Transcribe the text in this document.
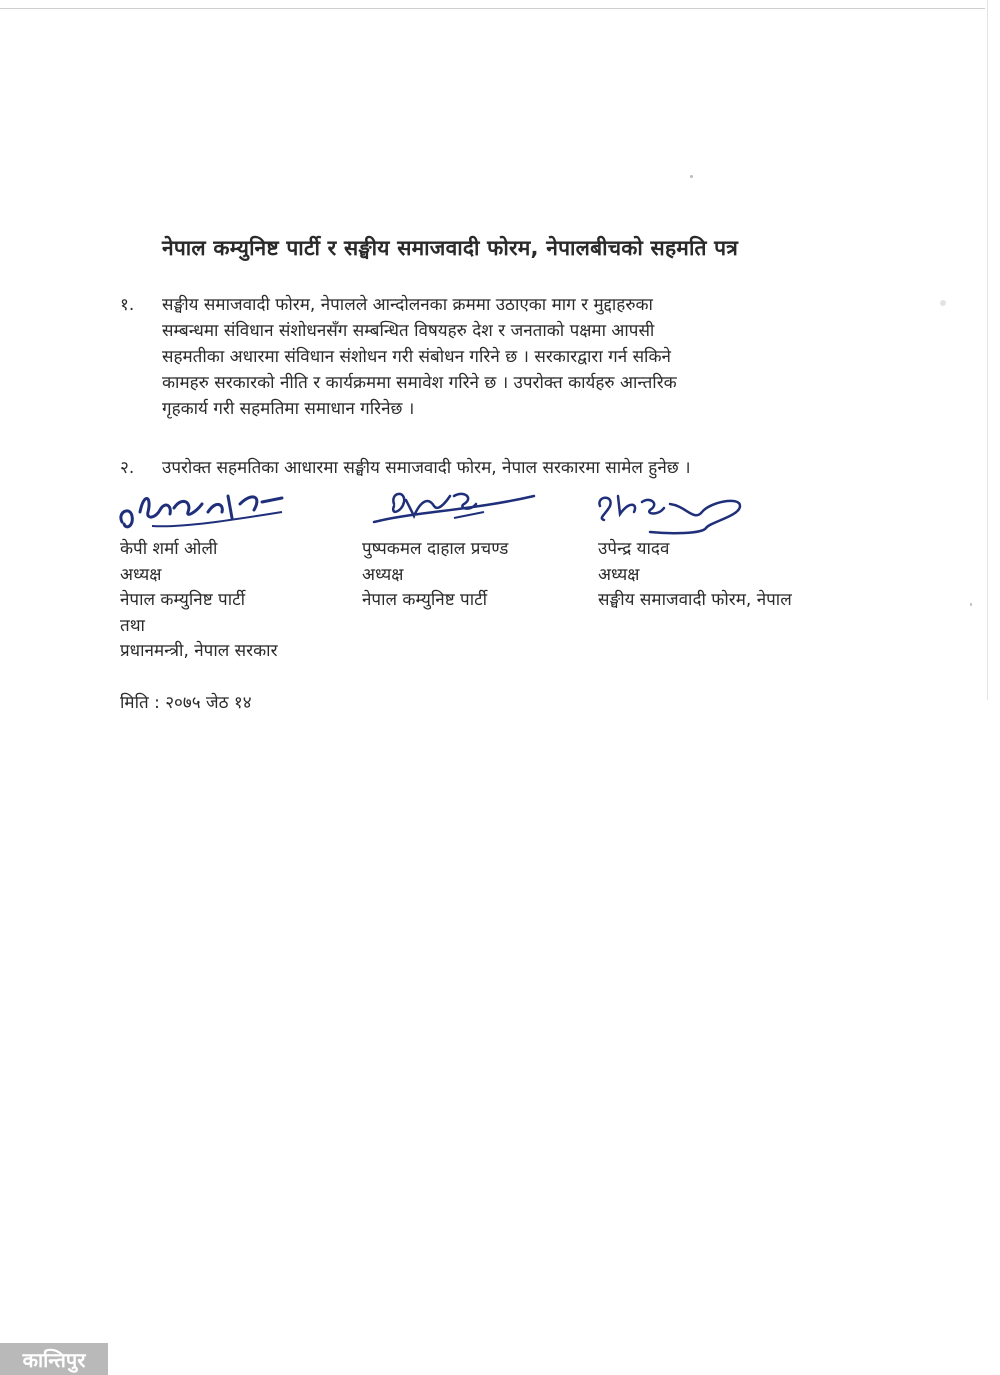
नेपाल कम्युनिष्ट पार्टी र सङ्घीय समाजवादी फोरम, नेपालबीचको सहमति पत्र
१.	सङ्घीय समाजवादी फोरम, नेपालले आन्दोलनका क्रममा उठाएका माग र मुद्दाहरुका
सम्बन्धमा संविधान संशोधनसँग सम्बन्धित विषयहरु देश र जनताको पक्षमा आपसी
सहमतीका अधारमा संविधान संशोधन गरी संबोधन गरिने छ । सरकारद्वारा गर्न सकिने
कामहरु सरकारको नीति र कार्यक्रममा समावेश गरिने छ । उपरोक्त कार्यहरु आन्तरिक
गृहकार्य गरी सहमतिमा समाधान गरिनेछ ।
२.	उपरोक्त सहमतिका आधारमा सङ्घीय समाजवादी फोरम, नेपाल सरकारमा सामेल हुनेछ ।
केपी शर्मा ओली
अध्यक्ष
नेपाल कम्युनिष्ट पार्टी
तथा
प्रधानमन्त्री, नेपाल सरकार
पुष्पकमल दाहाल प्रचण्ड
अध्यक्ष
नेपाल कम्युनिष्ट पार्टी
उपेन्द्र यादव
अध्यक्ष
सङ्घीय समाजवादी फोरम, नेपाल
मिति : २०७५ जेठ १४
कान्तिपुर
